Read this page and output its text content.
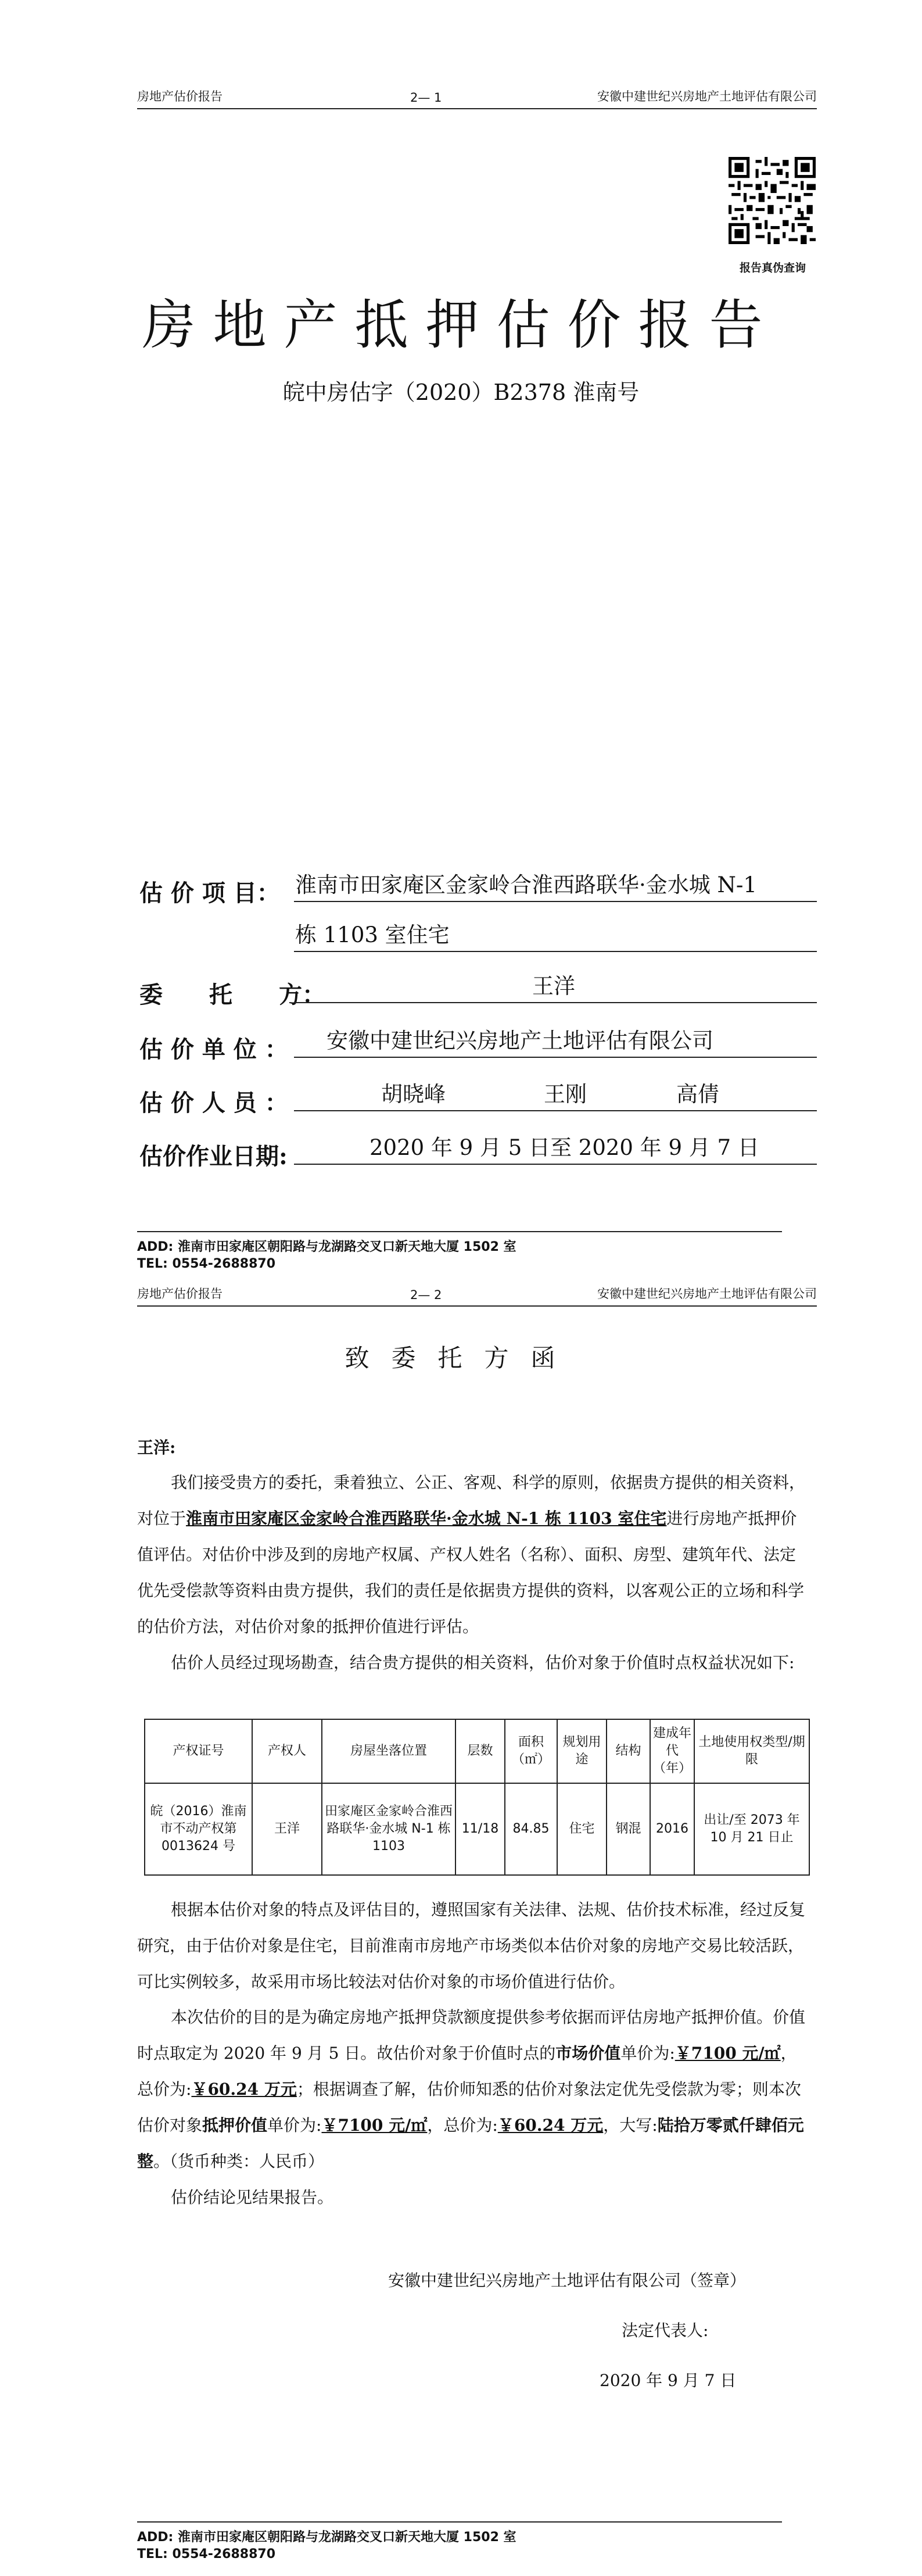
房地产估价报告	2— 1	安徽中建世纪兴房地产土地评估有限公司
报告真伪查询
房地产抵押估价报告
皖中房估字（2020）B2378 淮南号
估 价 项 目： 淮南市田家庵区金家岭合淮西路联华·金水城 N-1
栋 1103 室住宅
委　　托　　方：	王洋
估 价 单 位 ： 安徽中建世纪兴房地产土地评估有限公司
估 价 人 员 ：	胡晓峰	王刚	高倩
估价作业日期:	2020 年 9 月 5 日至 2020 年 9 月 7 日
ADD: 淮南市田家庵区朝阳路与龙湖路交叉口新天地大厦 1502 室
TEL: 0554-2688870
房地产估价报告	2— 2	安徽中建世纪兴房地产土地评估有限公司
致委托方函
王洋:

我们接受贵方的委托，秉着独立、公正、客观、科学的原则，依据贵方提供的相关资料，对位于淮南市田家庵区金家岭合淮西路联华·金水城 N-1 栋 1103 室住宅进行房地产抵押价值评估。对估价中涉及到的房地产权属、产权人姓名（名称）、面积、房型、建筑年代、法定优先受偿款等资料由贵方提供，我们的责任是依据贵方提供的资料，以客观公正的立场和科学的估价方法，对估价对象的抵押价值进行评估。

估价人员经过现场勘查，结合贵方提供的相关资料，估价对象于价值时点权益状况如下:

产权证号	产权人	房屋坐落位置	层数	面积（㎡）	规划用途	结构	建成年代（年）	土地使用权类型/期限
皖（2016）淮南市不动产权第 0013624 号	王洋	田家庵区金家岭合淮西路联华·金水城 N-1 栋 1103	11/18	84.85	住宅	钢混	2016	出让/至 2073 年 10 月 21 日止

根据本估价对象的特点及评估目的，遵照国家有关法律、法规、估价技术标准，经过反复研究，由于估价对象是住宅，目前淮南市房地产市场类似本估价对象的房地产交易比较活跃，可比实例较多，故采用市场比较法对估价对象的市场价值进行估价。

本次估价的目的是为确定房地产抵押贷款额度提供参考依据而评估房地产抵押价值。价值时点取定为 2020 年 9 月 5 日。故估价对象于价值时点的市场价值单价为:￥7100 元/㎡，总价为:￥60.24 万元；根据调查了解，估价师知悉的估价对象法定优先受偿款为零；则本次估价对象抵押价值单价为:￥7100 元/㎡，总价为:￥60.24 万元，大写:陆拾万零贰仟肆佰元整。（货币种类：人民币）

估价结论见结果报告。

安徽中建世纪兴房地产土地评估有限公司（签章）
法定代表人:
2020 年 9 月 7 日
ADD: 淮南市田家庵区朝阳路与龙湖路交叉口新天地大厦 1502 室
TEL: 0554-2688870
